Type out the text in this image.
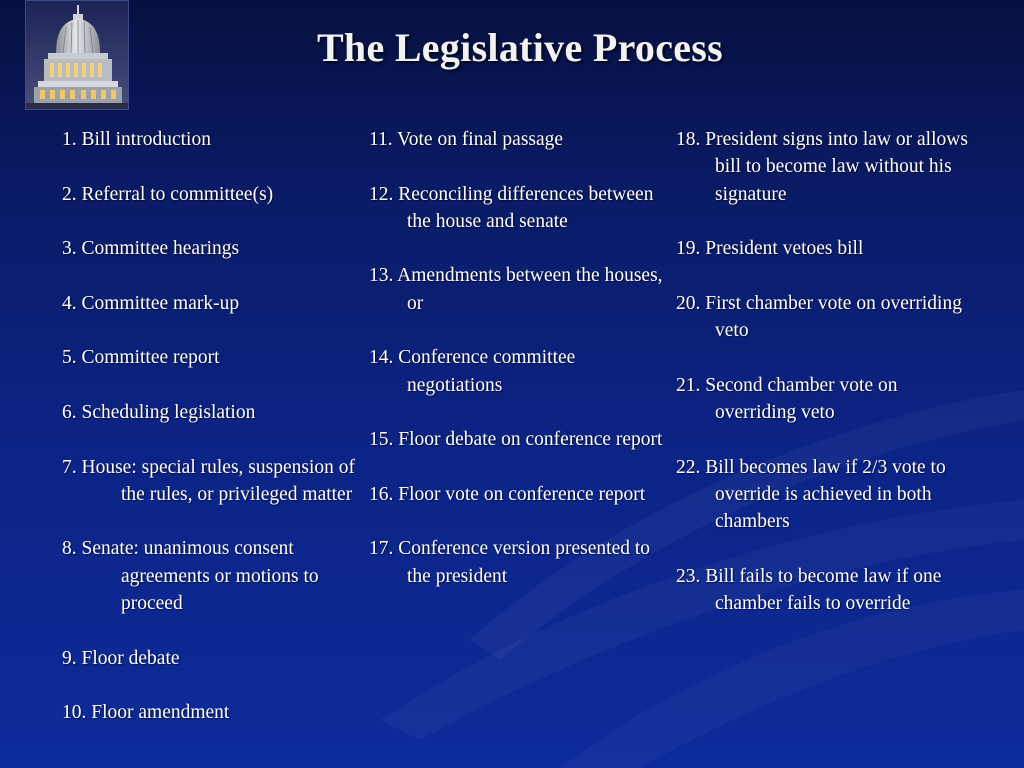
The Legislative Process
1. Bill introduction
2. Referral to committee(s)
3. Committee hearings
4. Committee mark-up
5. Committee report
6. Scheduling legislation
7. House: special rules, suspension of the rules, or privileged matter
8. Senate: unanimous consent agreements or motions to proceed
9. Floor debate
10. Floor amendment
11. Vote on final passage
12. Reconciling differences between the house and senate
13. Amendments between the houses, or
14. Conference committee negotiations
15. Floor debate on conference report
16. Floor vote on conference report
17. Conference version presented to the president
18. President signs into law or allows bill to become law without his signature
19. President vetoes bill
20. First chamber vote on overriding veto
21. Second chamber vote on overriding veto
22. Bill becomes law if 2/3 vote to override is achieved in both chambers
23. Bill fails to become law if one chamber fails to override
